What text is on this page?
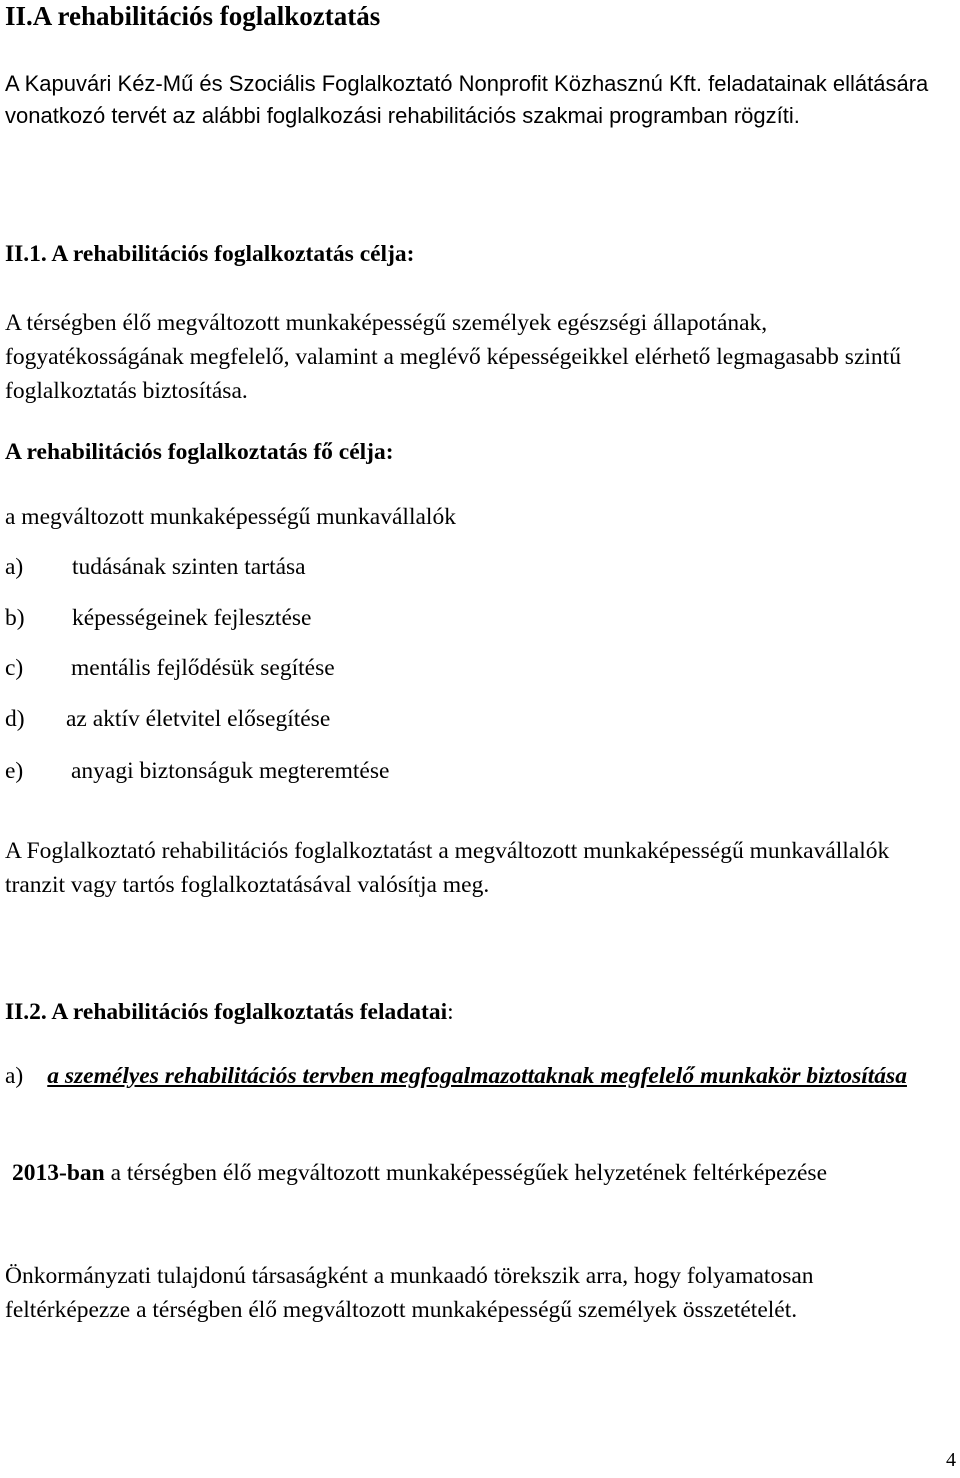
II.A rehabilitációs foglalkoztatás

A Kapuvári Kéz-Mű és Szociális Foglalkoztató Nonprofit Közhasznú Kft. feladatainak ellátására vonatkozó tervét az alábbi foglalkozási rehabilitációs szakmai programban rögzíti.

II.1. A rehabilitációs foglalkoztatás célja:

A térségben élő megváltozott munkaképességű személyek egészségi állapotának, fogyatékosságának megfelelő, valamint a meglévő képességeikkel elérhető legmagasabb szintű foglalkoztatás biztosítása.

A rehabilitációs foglalkoztatás fő célja:
a megváltozott munkaképességű munkavállalók
a) tudásának szinten tartása
b) képességeinek fejlesztése
c) mentális fejlődésük segítése
d) az aktív életvitel elősegítése
e) anyagi biztonságuk megteremtése

A Foglalkoztató rehabilitációs foglalkoztatást a megváltozott munkaképességű munkavállalók tranzit vagy tartós foglalkoztatásával valósítja meg.

II.2. A rehabilitációs foglalkoztatás feladatai:
a) a személyes rehabilitációs tervben megfogalmazottaknak megfelelő munkakör biztosítása

2013-ban a térségben élő megváltozott munkaképességűek helyzetének feltérképezése

Önkormányzati tulajdonú társaságként a munkaadó törekszik arra, hogy folyamatosan feltérképezze a térségben élő megváltozott munkaképességű személyek összetételét.

4
